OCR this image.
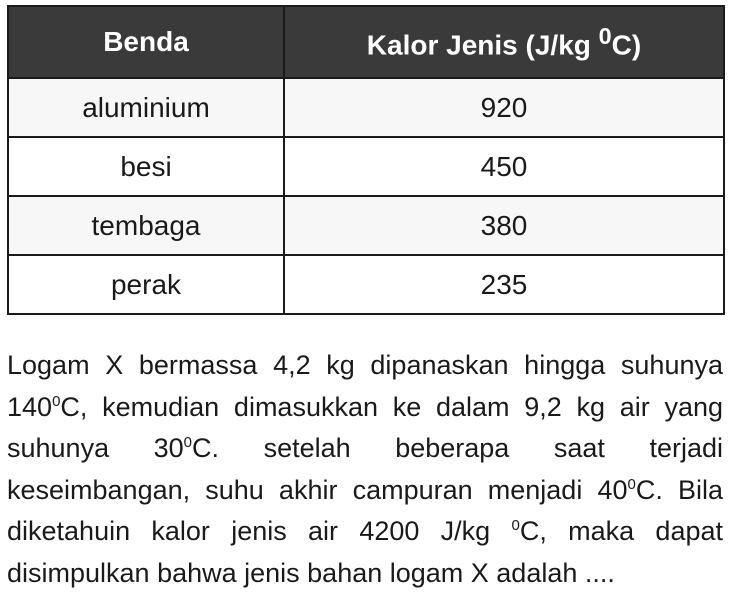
Benda	Kalor Jenis (J/kg $^0$C)
aluminium	920
besi	450
tembaga	380
perak	235

Logam X bermassa 4,2 kg dipanaskan hingga suhunya $140^0C$, kemudian dimasukkan ke dalam 9,2 kg air yang suhunya $30^0C$. setelah beberapa saat terjadi keseimbangan, suhu akhir campuran menjadi $40^0C$. Bila diketahuin kalor jenis air 4200 J/kg $^0$C, maka dapat disimpulkan bahwa jenis bahan logam X adalah ....
